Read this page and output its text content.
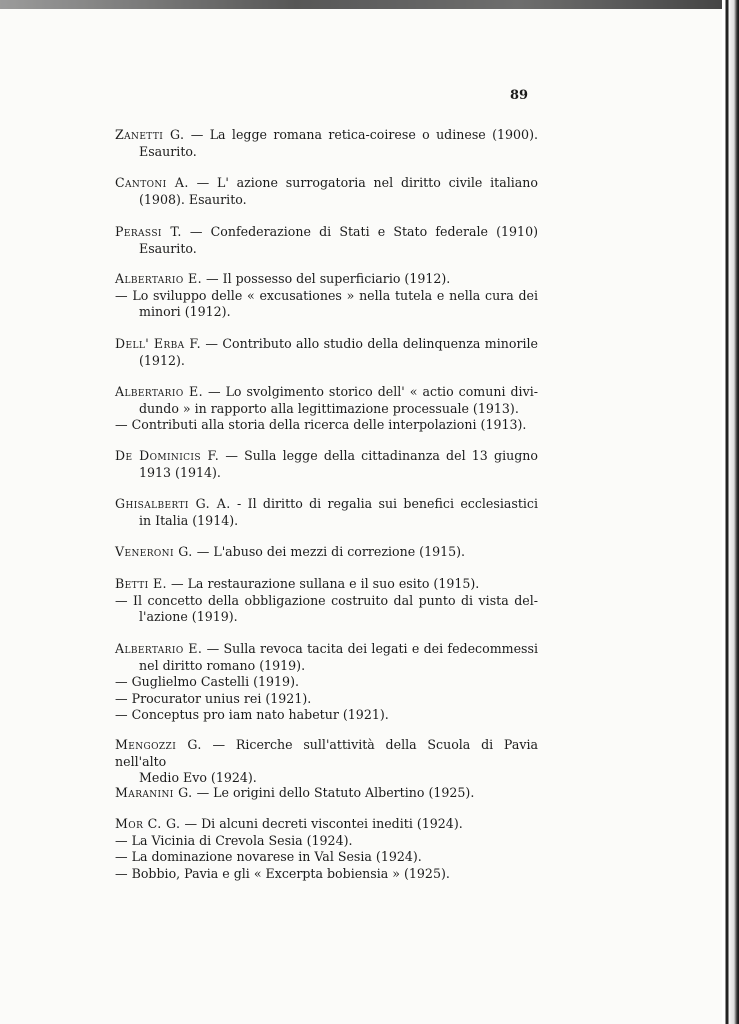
89
Zanetti G. — La legge romana retica-coirese o udinese (1900).
Esaurito.
Cantoni A. — L' azione surrogatoria nel diritto civile italiano
(1908). Esaurito.
Perassi T. — Confederazione di Stati e Stato federale (1910)
Esaurito.
Albertario E. — Il possesso del superficiario (1912).
— Lo sviluppo delle « excusationes » nella tutela e nella cura dei
minori (1912).
Dell' Erba F. — Contributo allo studio della delinquenza minorile
(1912).
Albertario E. — Lo svolgimento storico dell' « actio comuni divi-
dundo » in rapporto alla legittimazione processuale (1913).
— Contributi alla storia della ricerca delle interpolazioni (1913).
De Dominicis F. — Sulla legge della cittadinanza del 13 giugno
1913 (1914).
Ghisalberti G. A. - Il diritto di regalia sui benefici ecclesiastici
in Italia (1914).
Veneroni G. — L'abuso dei mezzi di correzione (1915).
Betti E. — La restaurazione sullana e il suo esito (1915).
— Il concetto della obbligazione costruito dal punto di vista del-
l'azione (1919).
Albertario E. — Sulla revoca tacita dei legati e dei fedecommessi
nel diritto romano (1919).
— Guglielmo Castelli (1919).
— Procurator unius rei (1921).
— Conceptus pro iam nato habetur (1921).
Mengozzi G. — Ricerche sull'attività della Scuola di Pavia nell'alto
Medio Evo (1924).
Maranini G. — Le origini dello Statuto Albertino (1925).
Mor C. G. — Di alcuni decreti viscontei inediti (1924).
— La Vicinia di Crevola Sesia (1924).
— La dominazione novarese in Val Sesia (1924).
— Bobbio, Pavia e gli « Excerpta bobiensia » (1925).
